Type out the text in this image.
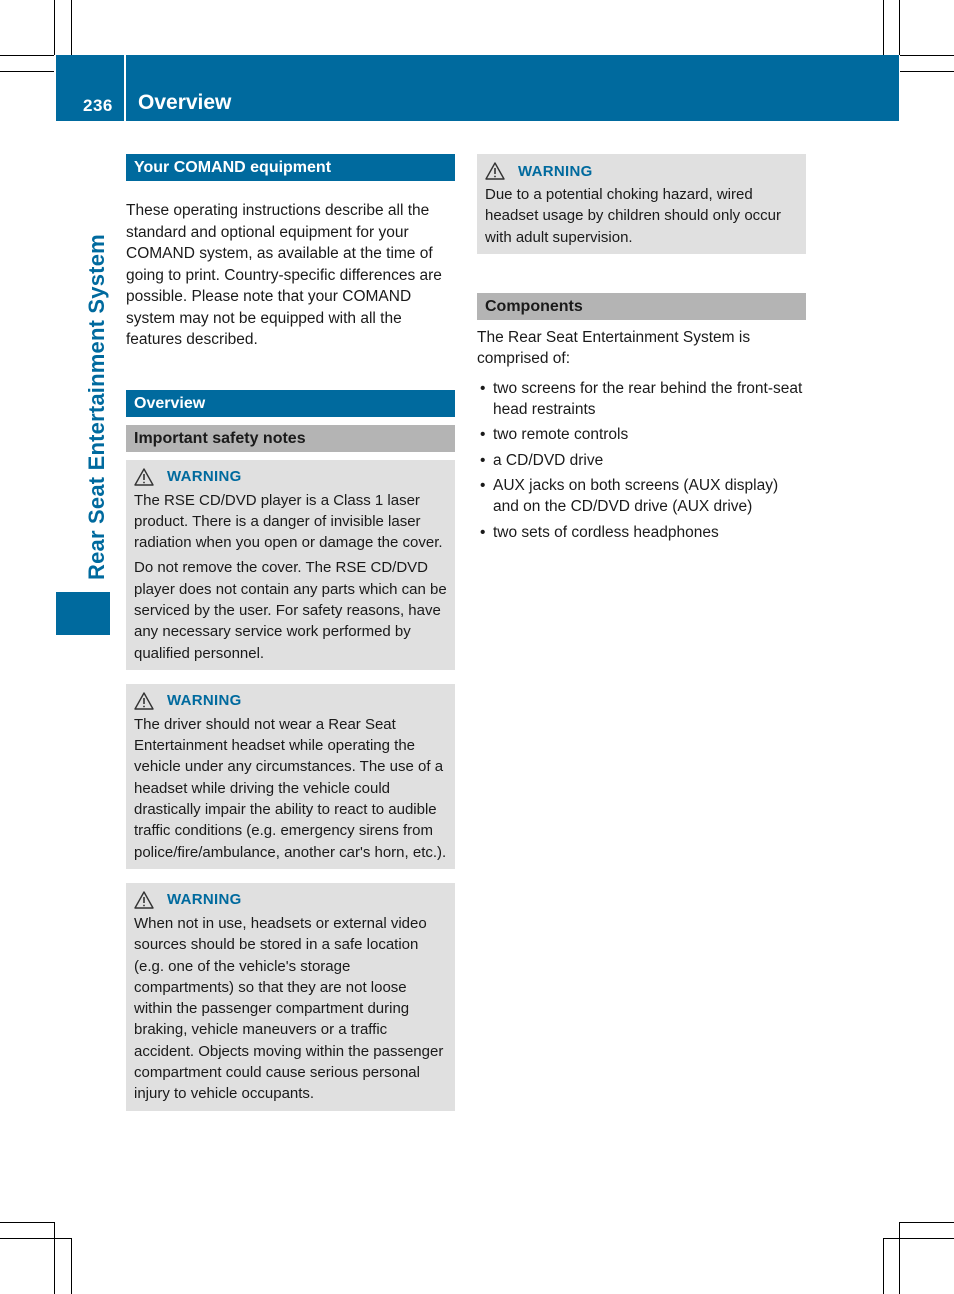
236 Overview
Rear Seat Entertainment System
Your COMAND equipment

These operating instructions describe all the standard and optional equipment for your COMAND system, as available at the time of going to print. Country-specific differences are possible. Please note that your COMAND system may not be equipped with all the features described.

Overview
Important safety notes
WARNING

The RSE CD/DVD player is a Class 1 laser product. There is a danger of invisible laser radiation when you open or damage the cover.

Do not remove the cover. The RSE CD/DVD player does not contain any parts which can be serviced by the user. For safety reasons, have any necessary service work performed by qualified personnel.

WARNING

The driver should not wear a Rear Seat Entertainment headset while operating the vehicle under any circumstances. The use of a headset while driving the vehicle could drastically impair the ability to react to audible traffic conditions (e.g. emergency sirens from police/fire/ambulance, another car's horn, etc.).

WARNING

When not in use, headsets or external video sources should be stored in a safe location (e.g. one of the vehicle's storage compartments) so that they are not loose within the passenger compartment during braking, vehicle maneuvers or a traffic accident. Objects moving within the passenger compartment could cause serious personal injury to vehicle occupants.

WARNING

Due to a potential choking hazard, wired headset usage by children should only occur with adult supervision.

Components

The Rear Seat Entertainment System is comprised of:

• two screens for the rear behind the front-seat head restraints
• two remote controls
• a CD/DVD drive
• AUX jacks on both screens (AUX display) and on the CD/DVD drive (AUX drive)
• two sets of cordless headphones
